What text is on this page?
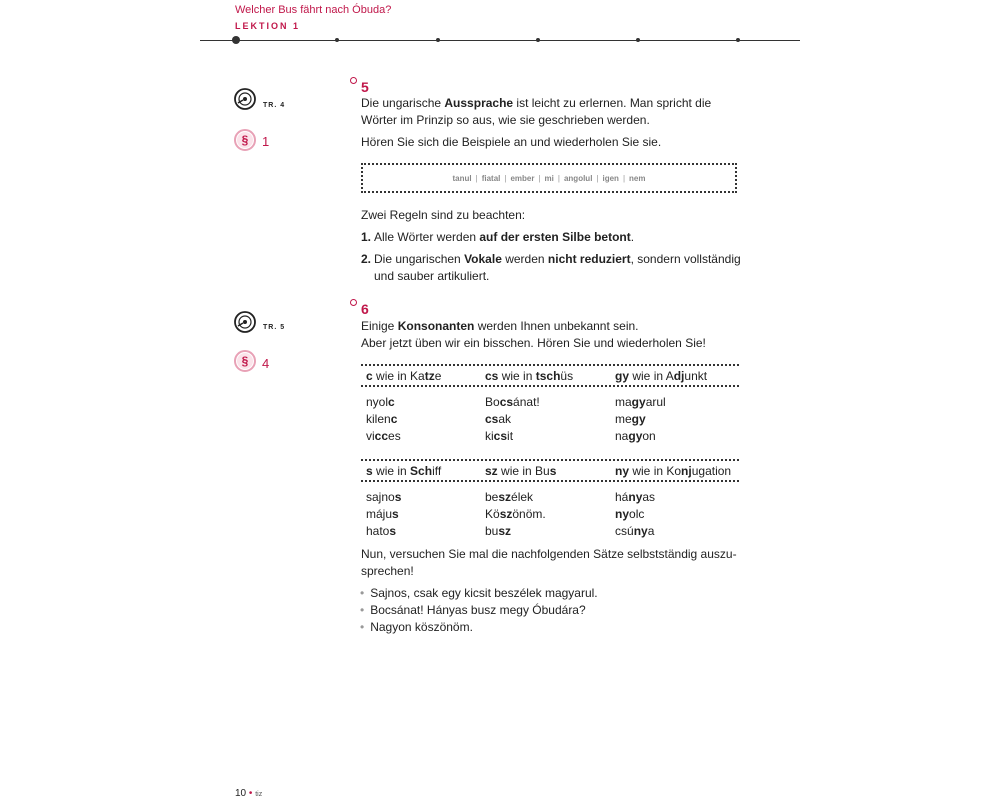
Welcher Bus fährt nach Óbuda?
LEKTION 1
TR. 4
§	1
TR. 5
§	4
5
Die ungarische Aussprache ist leicht zu erlernen. Man spricht die Wörter im Prinzip so aus, wie sie geschrieben werden.
Hören Sie sich die Beispiele an und wiederholen Sie sie.
tanul | fiatal | ember | mi | angolul | igen | nem
Zwei Regeln sind zu beachten:
1. Alle Wörter werden auf der ersten Silbe betont.
2. Die ungarischen Vokale werden nicht reduziert, sondern vollständig und sauber artikuliert.
6
Einige Konsonanten werden Ihnen unbekannt sein.
Aber jetzt üben wir ein bisschen. Hören Sie und wiederholen Sie!
c wie in Katze	cs wie in tschüs	gy wie in Adjunkt
nyolc	Bocsánat!	magyarul
kilenc	csak	megy
vicces	kicsit	nagyon
s wie in Schiff	sz wie in Bus	ny wie in Konjugation
sajnos	beszélek	hányas
május	Köszönöm.	nyolc
hatos	busz	csúnya
Nun, versuchen Sie mal die nachfolgenden Sätze selbstständig auszu-
sprechen!
• Sajnos, csak egy kicsit beszélek magyarul.
• Bocsánat! Hányas busz megy Óbudára?
• Nagyon köszönöm.
10 • tiz
